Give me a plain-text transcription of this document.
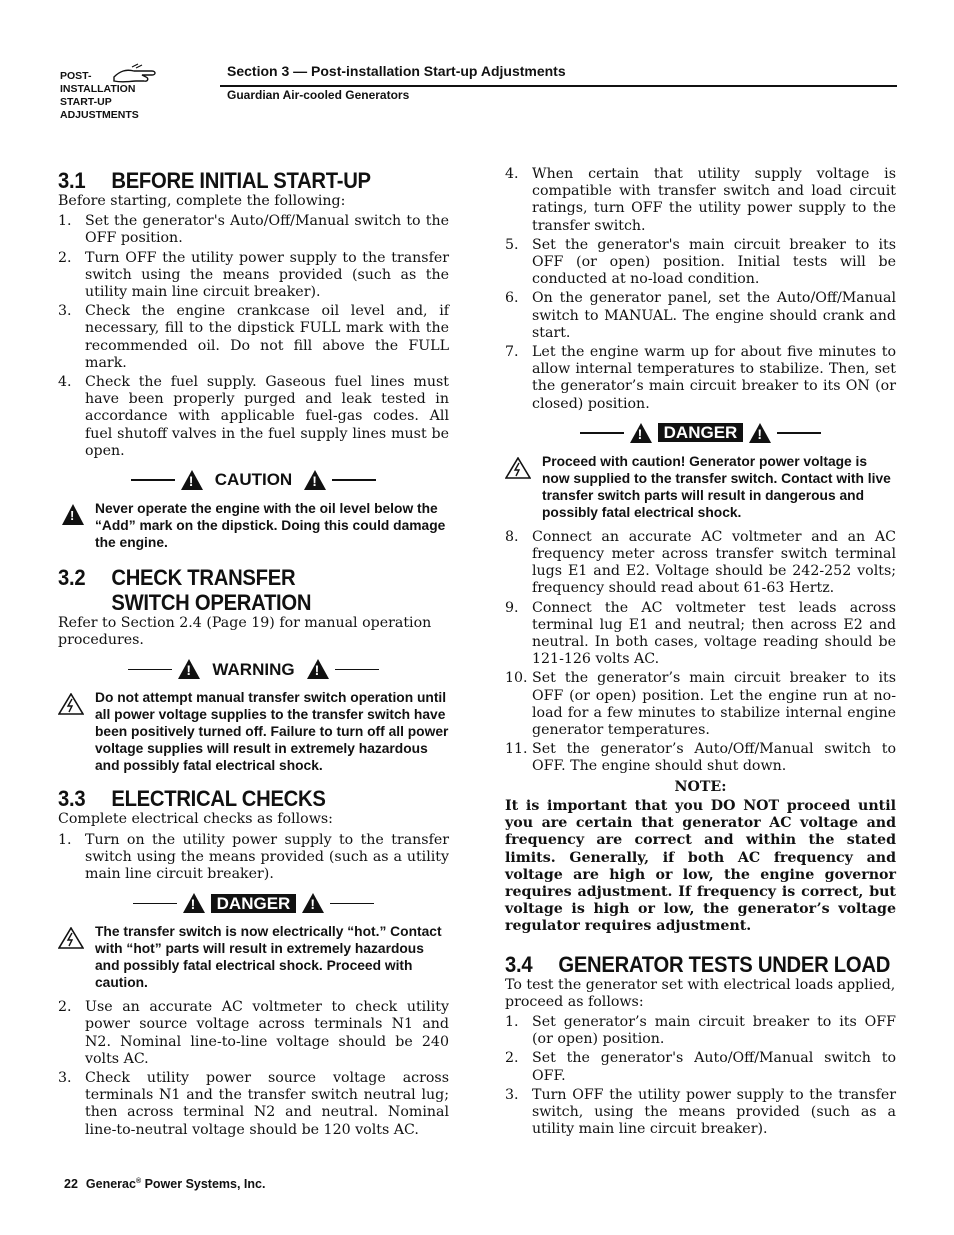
POST-
INSTALLATION
START-UP
ADJUSTMENTS
Section 3 — Post-installation Start-up Adjustments
Guardian Air-cooled Generators
3.1 BEFORE INITIAL START-UP

Before starting, complete the following:

1. Set the generator's Auto/Off/Manual switch to the OFF position.
2. Turn OFF the utility power supply to the transfer switch using the means provided (such as the utility main line circuit breaker).
3. Check the engine crankcase oil level and, if necessary, fill to the dipstick FULL mark with the recommended oil. Do not fill above the FULL mark.
4. Check the fuel supply. Gaseous fuel lines must have been properly purged and leak tested in accordance with applicable fuel-gas codes. All fuel shutoff valves in the fuel supply lines must be open.
!
CAUTION
!
!
Never operate the engine with the oil level below the “Add” mark on the dipstick. Doing this could damage the engine.
3.2 CHECK TRANSFER
SWITCH OPERATION

Refer to Section 2.4 (Page 19) for manual operation procedures.

!
WARNING
!
Do not attempt manual transfer switch operation until all power voltage supplies to the transfer switch have been positively turned off. Failure to turn off all power voltage supplies will result in extremely hazardous and possibly fatal electrical shock.
3.3 ELECTRICAL CHECKS

Complete electrical checks as follows:

1. Turn on the utility power supply to the transfer switch using the means provided (such as a utility main line circuit breaker).
!
DANGER
!
The transfer switch is now electrically “hot.” Contact with “hot” parts will result in extremely hazardous and possibly fatal electrical shock. Proceed with caution.
2. Use an accurate AC voltmeter to check utility power source voltage across terminals N1 and N2. Nominal line-to-line voltage should be 240 volts AC.
3. Check utility power source voltage across terminals N1 and the transfer switch neutral lug; then across terminal N2 and neutral. Nominal line-to-neutral voltage should be 120 volts AC.
4. When certain that utility supply voltage is compatible with transfer switch and load circuit ratings, turn OFF the utility power supply to the transfer switch.
5. Set the generator's main circuit breaker to its OFF (or open) position. Initial tests will be conducted at no-load condition.
6. On the generator panel, set the Auto/Off/Manual switch to MANUAL. The engine should crank and start.
7. Let the engine warm up for about five minutes to allow internal temperatures to stabilize. Then, set the generator’s main circuit breaker to its ON (or closed) position.
!
DANGER
!
Proceed with caution! Generator power voltage is now supplied to the transfer switch. Contact with live transfer switch parts will result in dangerous and possibly fatal electrical shock.
8. Connect an accurate AC voltmeter and an AC frequency meter across transfer switch terminal lugs E1 and E2. Voltage should be 242-252 volts; frequency should read about 61-63 Hertz.
9. Connect the AC voltmeter test leads across terminal lug E1 and neutral; then across E2 and neutral. In both cases, voltage reading should be 121-126 volts AC.
10. Set the generator’s main circuit breaker to its OFF (or open) position. Let the engine run at no-load for a few minutes to stabilize internal engine generator temperatures.
11. Set the generator’s Auto/Off/Manual switch to OFF. The engine should shut down.
NOTE:
It is important that you DO NOT proceed until you are certain that generator AC voltage and frequency are correct and within the stated limits. Generally, if both AC frequency and voltage are high or low, the engine governor requires adjustment. If frequency is correct, but voltage is high or low, the generator’s voltage regulator requires adjustment.
3.4 GENERATOR TESTS UNDER LOAD

To test the generator set with electrical loads applied, proceed as follows:

1. Set generator’s main circuit breaker to its OFF (or open) position.
2. Set the generator's Auto/Off/Manual switch to OFF.
3. Turn OFF the utility power supply to the transfer switch, using the means provided (such as a utility main line circuit breaker).
22 Generac® Power Systems, Inc.
